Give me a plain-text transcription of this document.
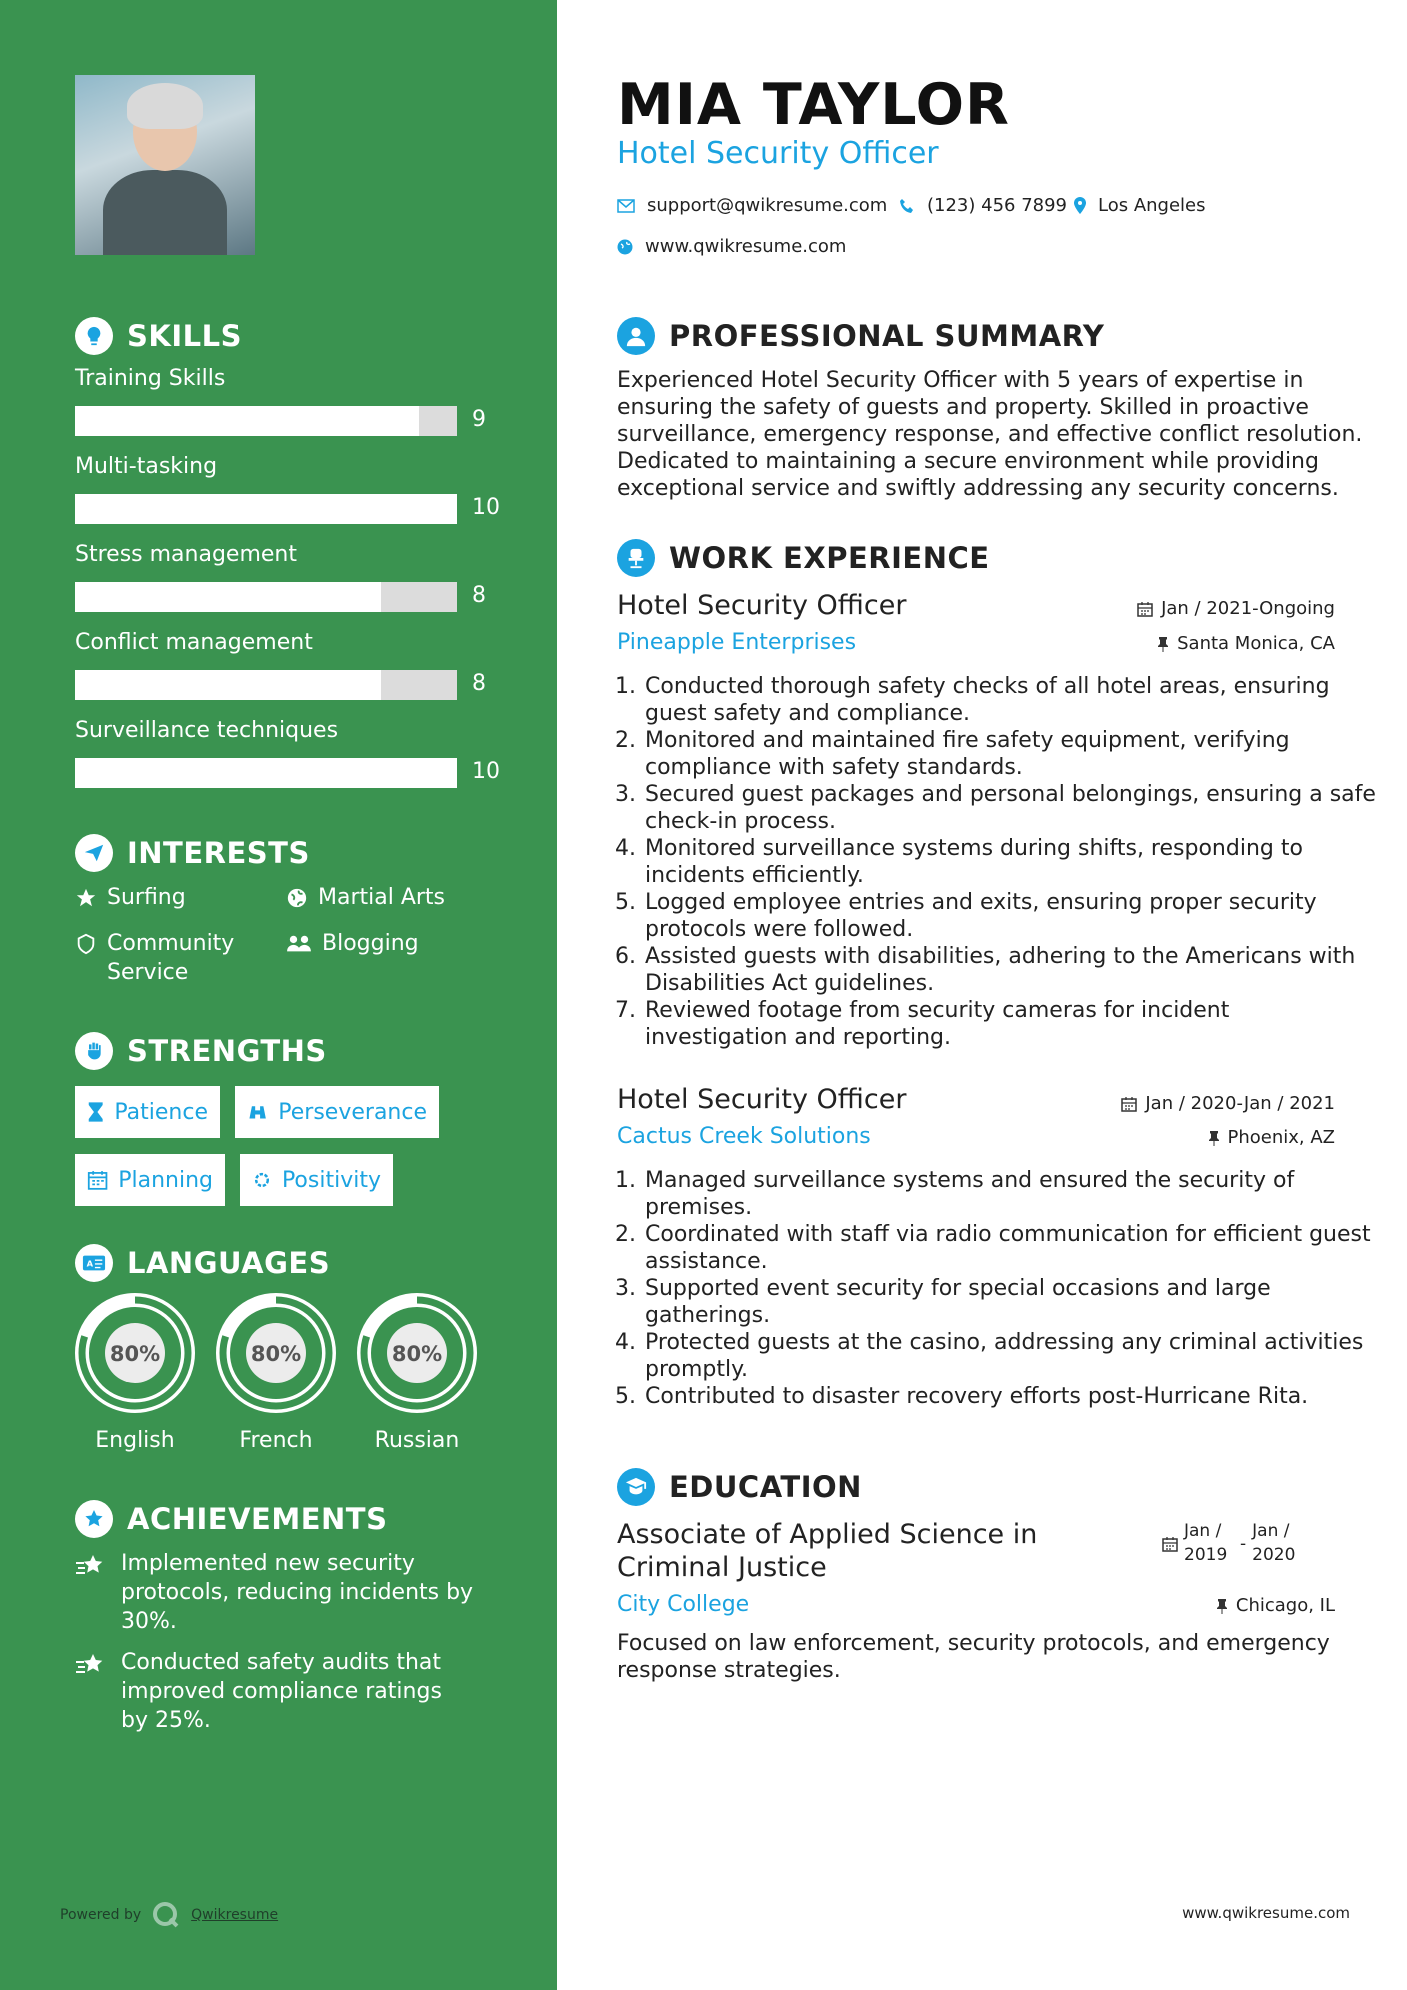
SKILLS
Training Skills
9
Multi-tasking
10
Stress management
8
Conflict management
8
Surveillance techniques
10
INTERESTS
Surfing	Martial Arts
Community Service
Blogging
STRENGTHS
Patience	Perseverance
Planning	Positivity
A LANGUAGES
80%	80%	80%
English	French	Russian
ACHIEVEMENTS
Implemented new security protocols, reducing incidents by 30%.
Conducted safety audits that improved compliance ratings by 25%.
Powered by	Qwikresume
MIA TAYLOR
Hotel Security Officer
support@qwikresume.com (123) 456 7899 Los Angeles
www.qwikresume.com
PROFESSIONAL SUMMARY
Experienced Hotel Security Officer with 5 years of expertise in ensuring the safety of guests and property. Skilled in proactive surveillance, emergency response, and effective conflict resolution. Dedicated to maintaining a secure environment while providing exceptional service and swiftly addressing any security concerns.
WORK EXPERIENCE
Hotel Security Officer	Jan / 2021-Ongoing
Pineapple Enterprises	Santa Monica, CA
1. Conducted thorough safety checks of all hotel areas, ensuring guest safety and compliance.
2. Monitored and maintained fire safety equipment, verifying compliance with safety standards.
3. Secured guest packages and personal belongings, ensuring a safe check-in process.
4. Monitored surveillance systems during shifts, responding to incidents efficiently.
5. Logged employee entries and exits, ensuring proper security protocols were followed.
6. Assisted guests with disabilities, adhering to the Americans with Disabilities Act guidelines.
7. Reviewed footage from security cameras for incident investigation and reporting.
Hotel Security Officer	Jan / 2020-Jan / 2021
Cactus Creek Solutions	Phoenix, AZ
1. Managed surveillance systems and ensured the security of premises.
2. Coordinated with staff via radio communication for efficient guest assistance.
3. Supported event security for special occasions and large gatherings.
4. Protected guests at the casino, addressing any criminal activities promptly.
5. Contributed to disaster recovery efforts post-Hurricane Rita.
EDUCATION
Associate of Applied Science in Criminal Justice
Jan / 2019
-
Jan / 2020
City College	Chicago, IL
Focused on law enforcement, security protocols, and emergency response strategies.
www.qwikresume.com
